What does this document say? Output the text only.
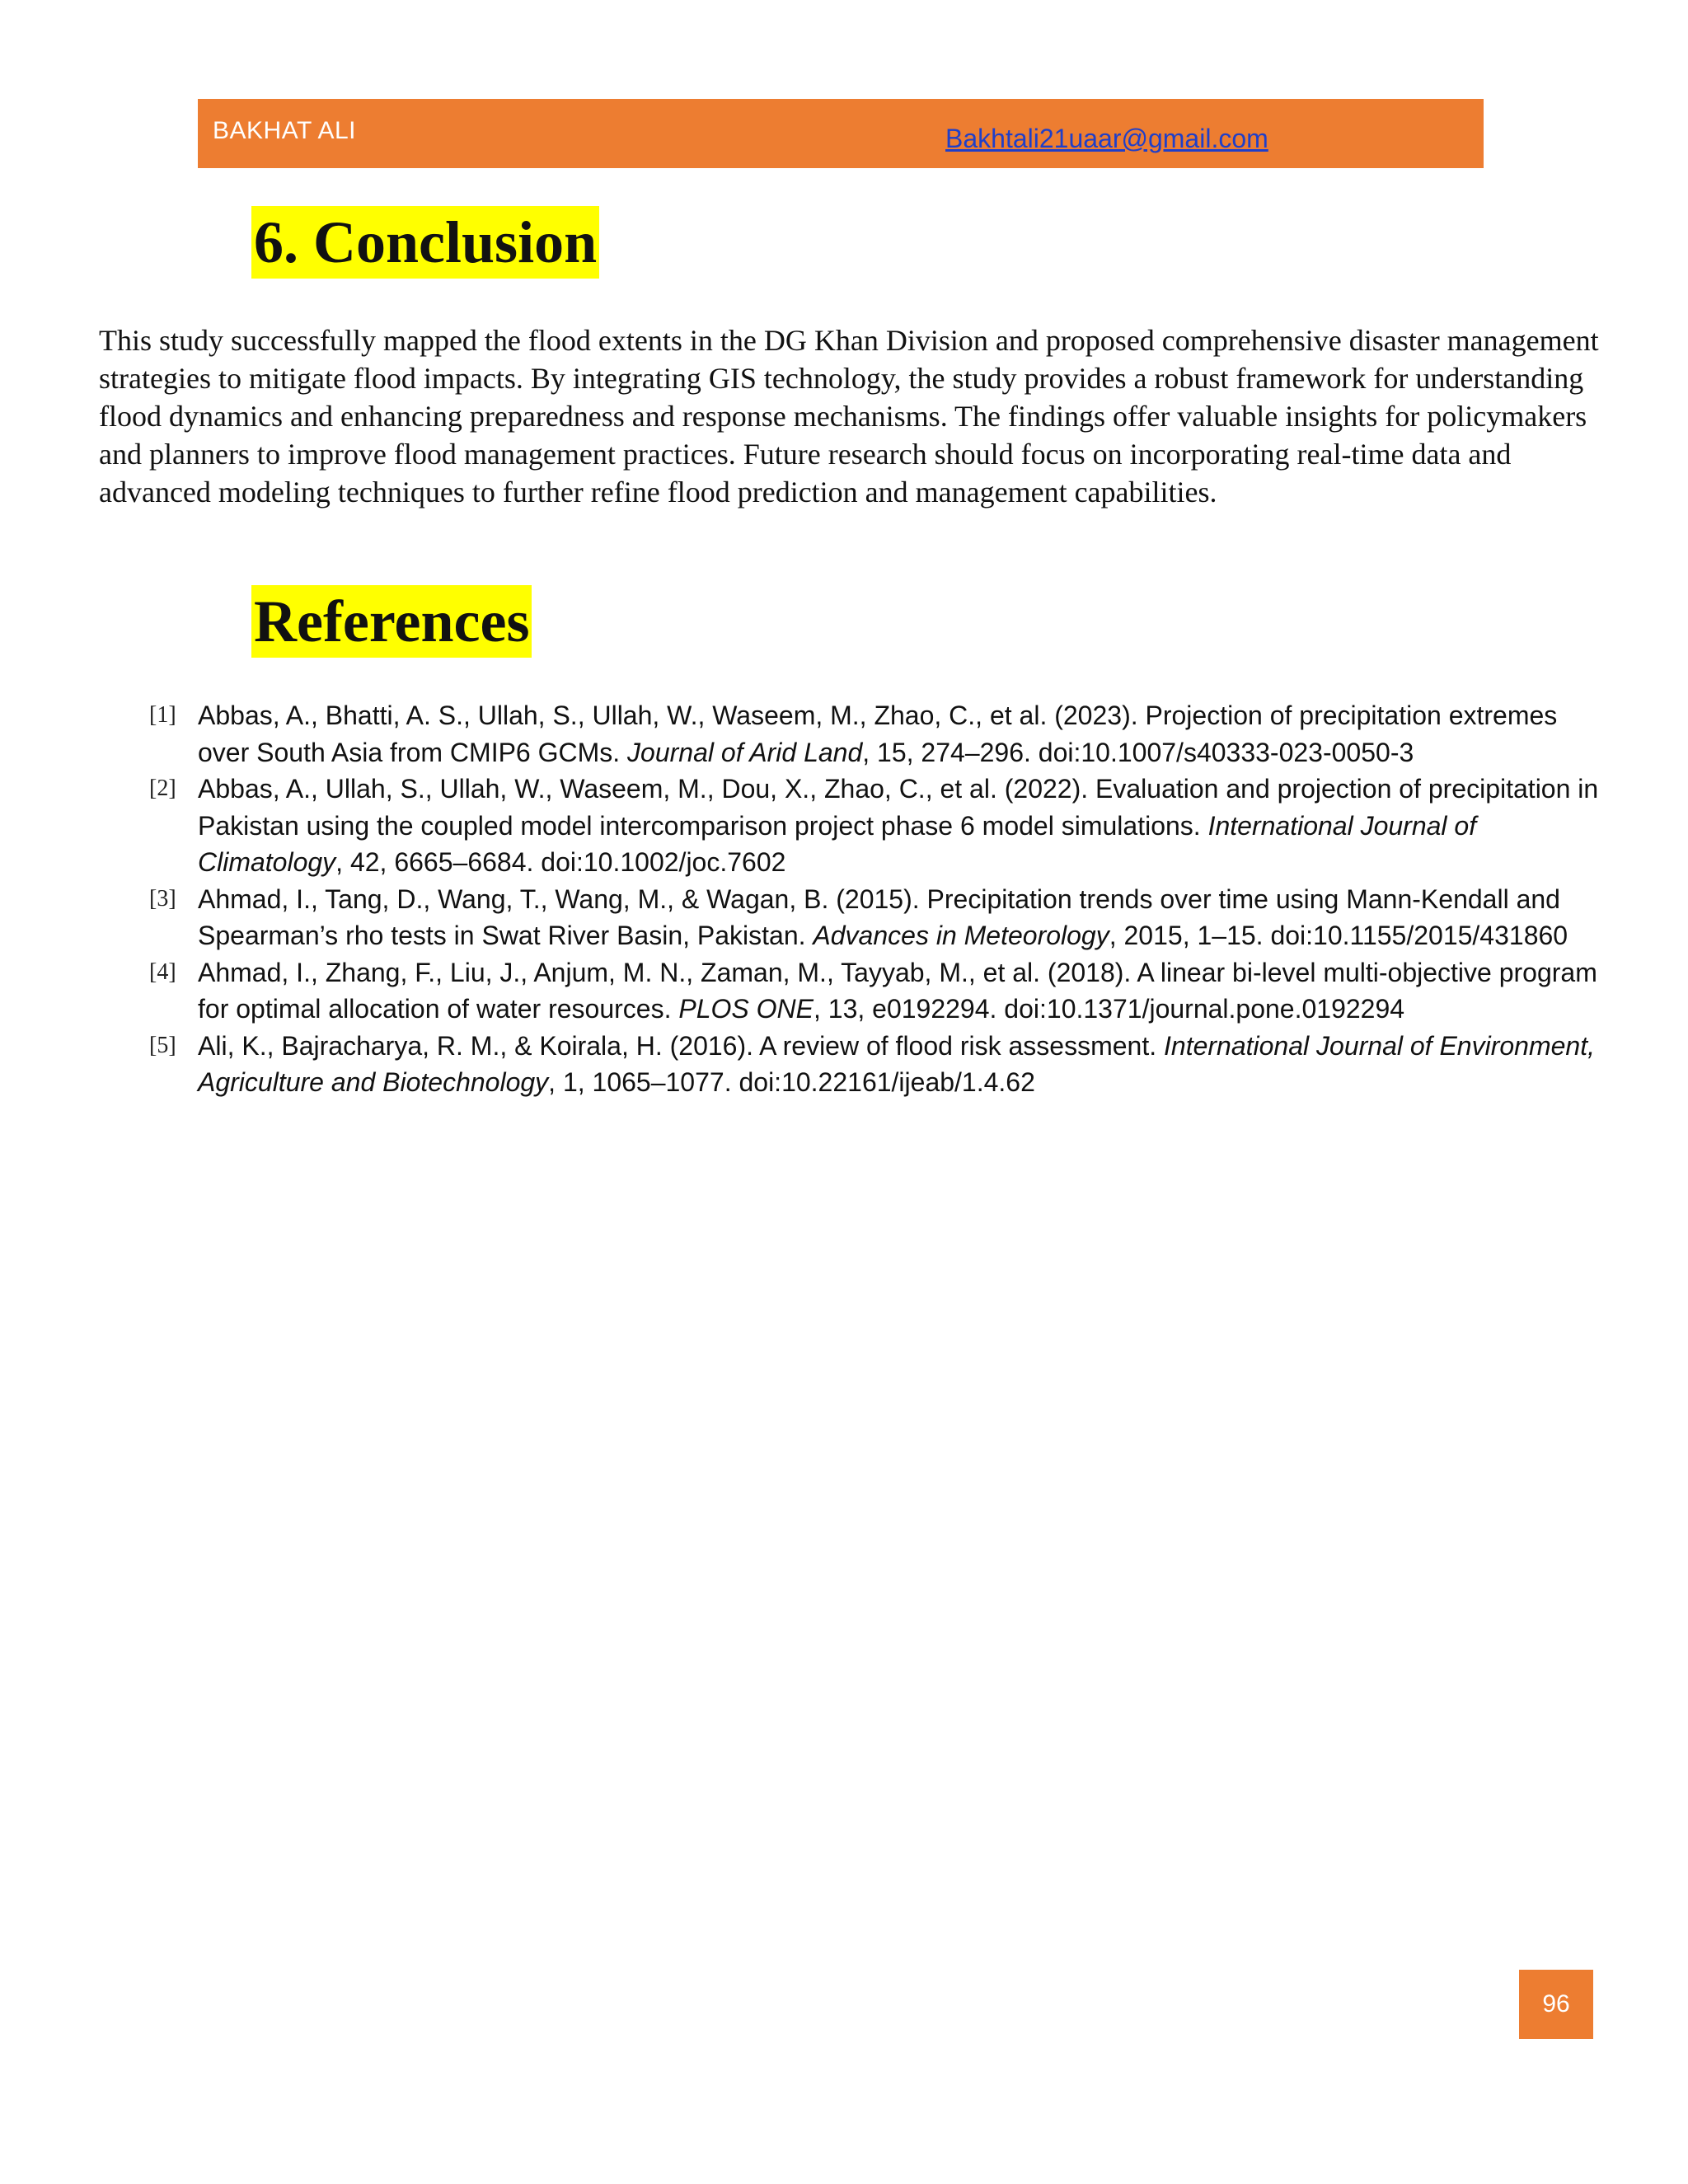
BAKHAT ALI	Bakhtali21uaar@gmail.com
6. Conclusion

This study successfully mapped the flood extents in the DG Khan Division and proposed comprehensive disaster management strategies to mitigate flood impacts. By integrating GIS technology, the study provides a robust framework for understanding flood dynamics and enhancing preparedness and response mechanisms. The findings offer valuable insights for policymakers and planners to improve flood management practices. Future research should focus on incorporating real-time data and advanced modeling techniques to further refine flood prediction and management capabilities.

References
[1] Abbas, A., Bhatti, A. S., Ullah, S., Ullah, W., Waseem, M., Zhao, C., et al. (2023). Projection of precipitation extremes over South Asia from CMIP6 GCMs. Journal of Arid Land, 15, 274–296. doi:10.1007/s40333-023-0050-3
[2] Abbas, A., Ullah, S., Ullah, W., Waseem, M., Dou, X., Zhao, C., et al. (2022). Evaluation and projection of precipitation in Pakistan using the coupled model intercomparison project phase 6 model simulations. International Journal of Climatology, 42, 6665–6684. doi:10.1002/joc.7602
[3] Ahmad, I., Tang, D., Wang, T., Wang, M., & Wagan, B. (2015). Precipitation trends over time using Mann-Kendall and Spearman’s rho tests in Swat River Basin, Pakistan. Advances in Meteorology, 2015, 1–15. doi:10.1155/2015/431860
[4] Ahmad, I., Zhang, F., Liu, J., Anjum, M. N., Zaman, M., Tayyab, M., et al. (2018). A linear bi-level multi-objective program for optimal allocation of water resources. PLOS ONE, 13, e0192294. doi:10.1371/journal.pone.0192294
[5] Ali, K., Bajracharya, R. M., & Koirala, H. (2016). A review of flood risk assessment. International Journal of Environment, Agriculture and Biotechnology, 1, 1065–1077. doi:10.22161/ijeab/1.4.62
96
